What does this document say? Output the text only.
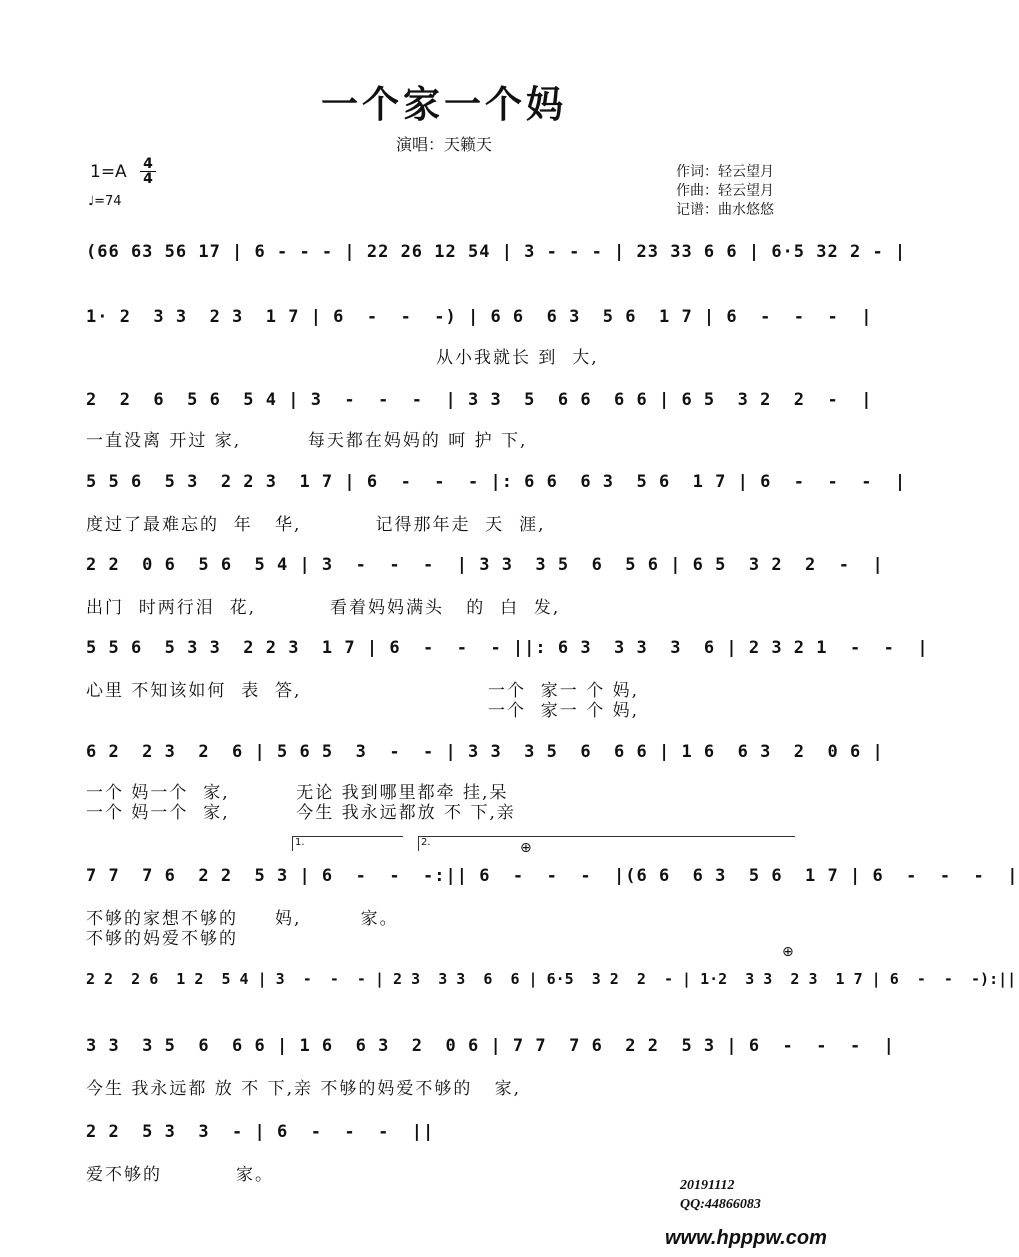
一个家一个妈
演唱：天籁天
1=A 4
4
♩=74
作词：轻云望月
作曲：轻云望月
记谱：曲水悠悠
(66 63 56 17 | 6 - - - | 22 26 12 54 | 3 - - - | 23 33 6 6 | 6·5 32 2 - |
1· 2  3 3  2 3  1 7 | 6  -  -  -) | 6 6  6 3  5 6  1 7 | 6  -  -  -  |
从小我就长 到  大,
2  2  6  5 6  5 4 | 3  -  -  -  | 3 3  5  6 6  6 6 | 6 5  3 2  2  -  |
一直没离 开过 家,         每天都在妈妈的 呵 护 下,
5 5 6  5 3  2 2 3  1 7 | 6  -  -  - |: 6 6  6 3  5 6  1 7 | 6  -  -  -  |
度过了最难忘的  年   华,          记得那年走  天  涯,
2 2  0 6  5 6  5 4 | 3  -  -  -  | 3 3  3 5  6  5 6 | 6 5  3 2  2  -  |
出门  时两行泪  花,          看着妈妈满头   的  白  发,
5 5 6  5 3 3  2 2 3  1 7 | 6  -  -  - ||: 6 3  3 3  3  6 | 2 3 2 1  -  -  |
心里 不知该如何  表  答,	一个  家一 个 妈,
一个  家一 个 妈,
6 2  2 3  2  6 | 5 6 5  3  -  - | 3 3  3 5  6  6 6 | 1 6  6 3  2  0 6 |
一个 妈一个  家,         无论 我到哪里都牵 挂,呆
一个 妈一个  家,         今生 我永远都放 不 下,亲
1.	2.	⊕
7 7  7 6  2 2  5 3 | 6  -  -  -:|| 6  -  -  -  |(6 6  6 3  5 6  1 7 | 6  -  -  -  |
不够的家想不够的     妈,        家。
不够的妈爱不够的
⊕
2 2  2 6  1 2  5 4 | 3  -  -  - | 2 3  3 3  6  6 | 6·5  3 2  2  - | 1·2  3 3  2 3  1 7 | 6  -  -  -):||
3 3  3 5  6  6 6 | 1 6  6 3  2  0 6 | 7 7  7 6  2 2  5 3 | 6  -  -  -  |
今生 我永远都 放 不 下,亲 不够的妈爱不够的   家,
2 2  5 3  3  - | 6  -  -  -  ||
爱不够的          家。
20191112
QQ:44866083
www.hpppw.com
